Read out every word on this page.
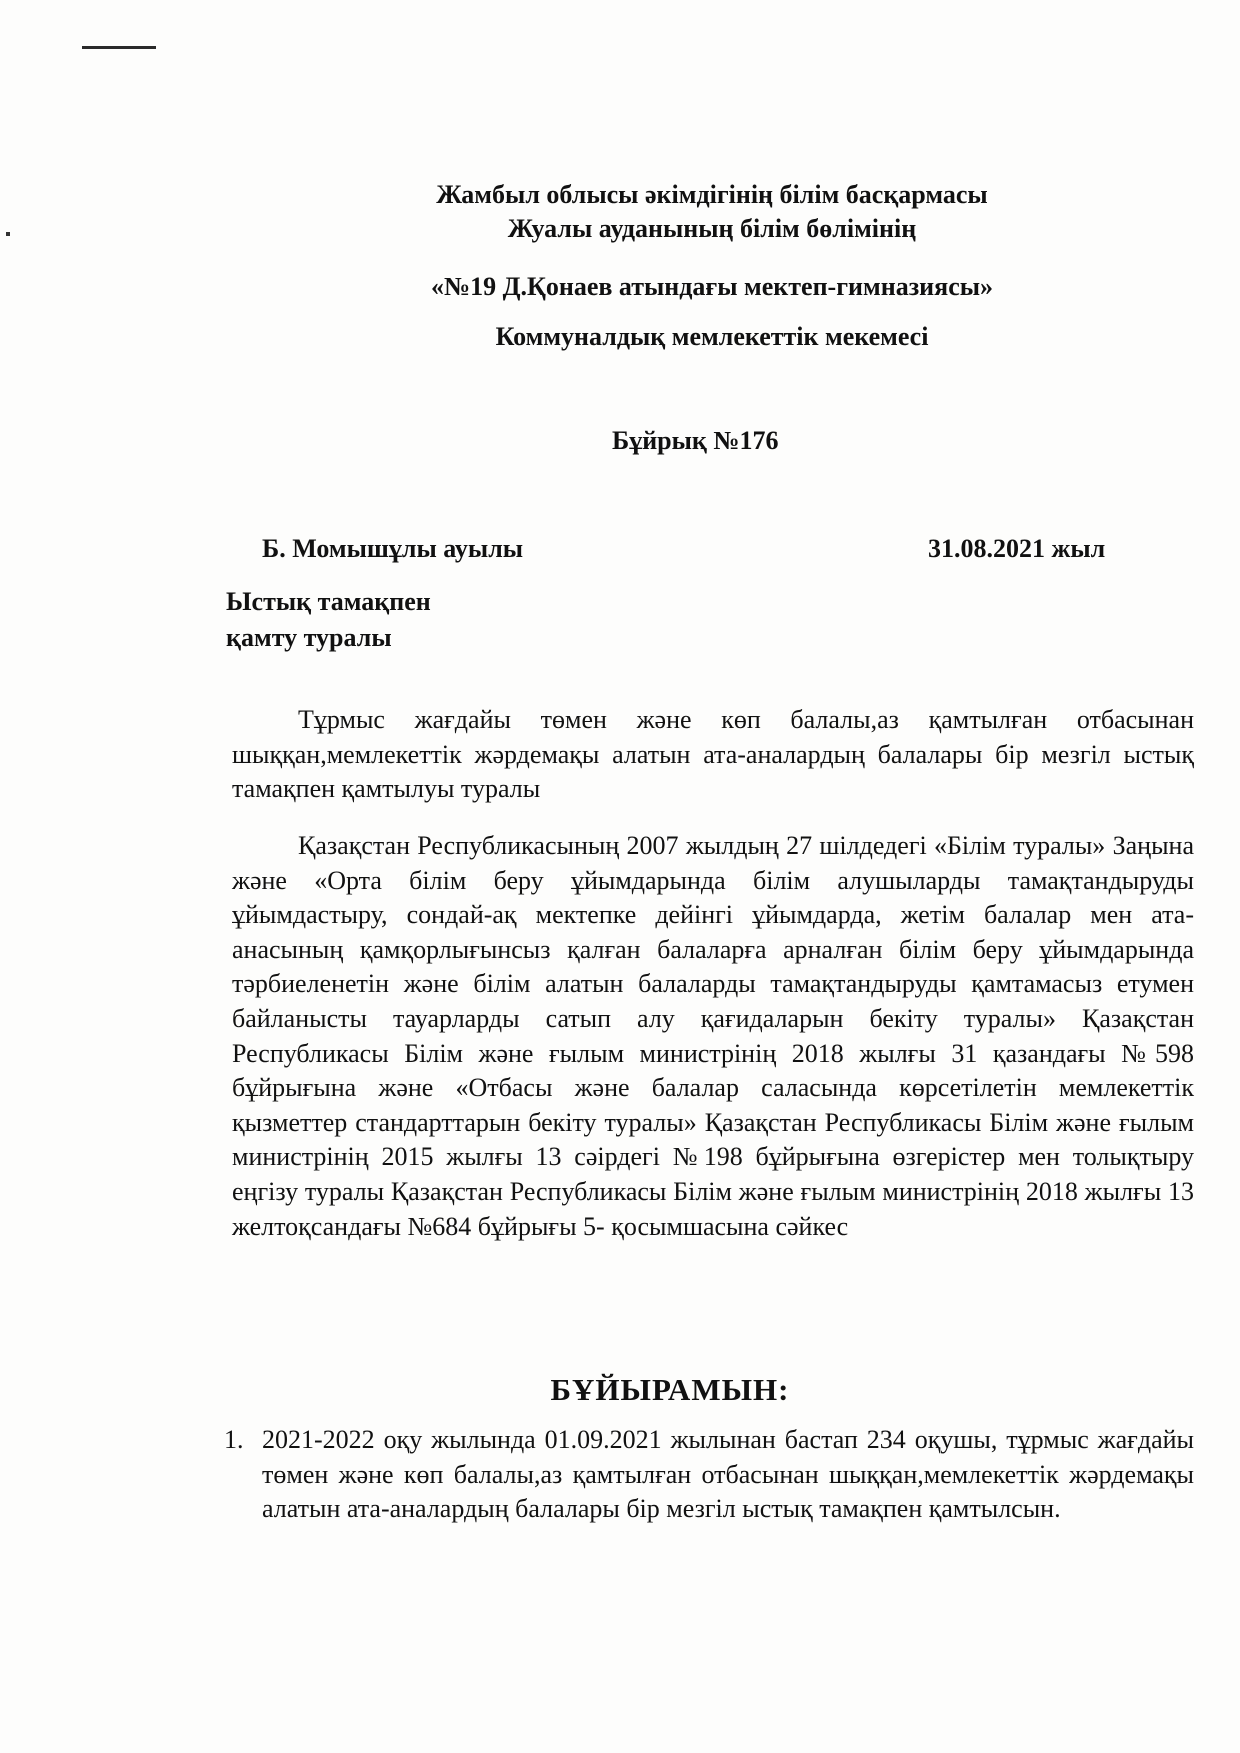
Жамбыл облысы әкімдігінің білім басқармасы
Жуалы ауданының білім бөлімінің
«№19 Д.Қонаев атындағы мектеп-гимназиясы»
Коммуналдық мемлекеттік мекемесі
Бұйрық №176
Б. Момышұлы ауылы	31.08.2021 жыл
Ыстық тамақпен
қамту туралы
Тұрмыс жағдайы төмен және көп балалы,аз қамтылған отбасынан шыққан,мемлекеттік жәрдемақы алатын ата-аналардың балалары бір мезгіл ыстық тамақпен қамтылуы туралы
Қазақстан Республикасының 2007 жылдың 27 шілдедегі «Білім туралы» Заңына және «Орта білім беру ұйымдарында білім алушыларды тамақтандыруды ұйымдастыру, сондай-ақ мектепке дейінгі ұйымдарда, жетім балалар мен ата-анасының қамқорлығынсыз қалған балаларға арналған білім беру ұйымдарында тәрбиеленетін және білім алатын балаларды тамақтандыруды қамтамасыз етумен байланысты тауарларды сатып алу қағидаларын бекіту туралы» Қазақстан Республикасы Білім және ғылым министрінің 2018 жылғы 31 қазандағы №598 бұйрығына және «Отбасы және балалар саласында көрсетілетін мемлекеттік қызметтер стандарттарын бекіту туралы» Қазақстан Республикасы Білім және ғылым министрінің 2015 жылғы 13 сәірдегі №198 бұйрығына өзгерістер мен толықтыру еңгізу туралы Қазақстан Республикасы Білім және ғылым министрінің 2018 жылғы 13 желтоқсандағы №684 бұйрығы 5- қосымшасына сәйкес
БҰЙЫРАМЫН:
1. 2021-2022 оқу жылында 01.09.2021 жылынан бастап 234 оқушы, тұрмыс жағдайы төмен және көп балалы,аз қамтылған отбасынан шыққан,мемлекеттік жәрдемақы алатын ата-аналардың балалары бір мезгіл ыстық тамақпен қамтылсын.
